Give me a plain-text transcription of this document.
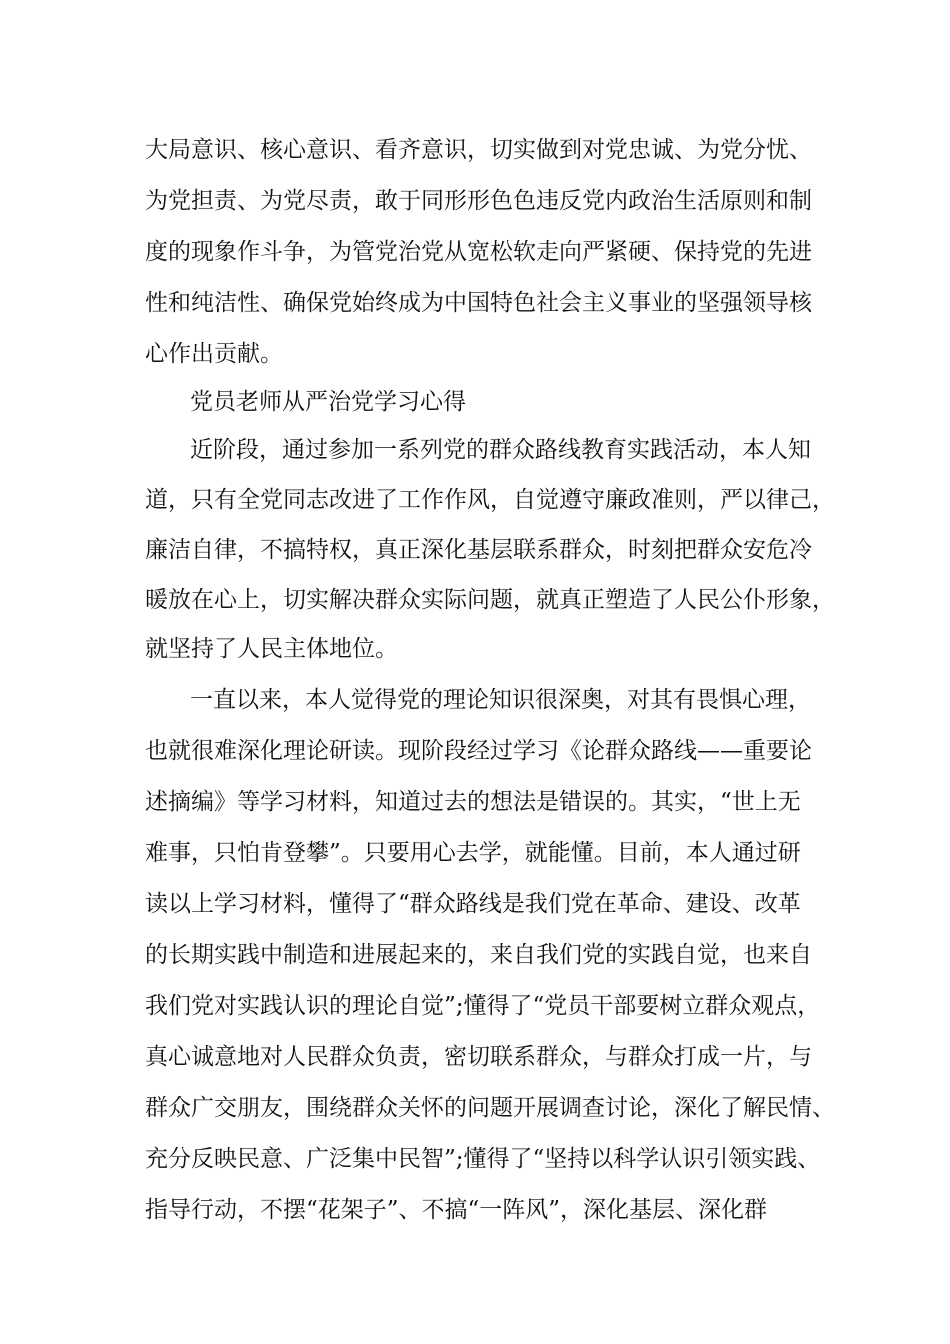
大局意识、核心意识、看齐意识，切实做到对党忠诚、为党分忧、
为党担责、为党尽责，敢于同形形色色违反党内政治生活原则和制
度的现象作斗争，为管党治党从宽松软走向严紧硬、保持党的先进
性和纯洁性、确保党始终成为中国特色社会主义事业的坚强领导核
心作出贡献。
党员老师从严治党学习心得
近阶段，通过参加一系列党的群众路线教育实践活动，本人知
道，只有全党同志改进了工作作风，自觉遵守廉政准则，严以律己，
廉洁自律，不搞特权，真正深化基层联系群众，时刻把群众安危冷
暖放在心上，切实解决群众实际问题，就真正塑造了人民公仆形象，
就坚持了人民主体地位。
一直以来，本人觉得党的理论知识很深奥，对其有畏惧心理，
也就很难深化理论研读。现阶段经过学习《论群众路线——重要论
述摘编》等学习材料，知道过去的想法是错误的。其实，“世上无
难事，只怕肯登攀”。只要用心去学，就能懂。目前，本人通过研
读以上学习材料，懂得了“群众路线是我们党在革命、建设、改革
的长期实践中制造和进展起来的，来自我们党的实践自觉，也来自
我们党对实践认识的理论自觉”;懂得了“党员干部要树立群众观点，
真心诚意地对人民群众负责，密切联系群众，与群众打成一片，与
群众广交朋友，围绕群众关怀的问题开展调查讨论，深化了解民情、
充分反映民意、广泛集中民智”;懂得了“坚持以科学认识引领实践、
指导行动，不摆“花架子”、不搞“一阵风”，深化基层、深化群
